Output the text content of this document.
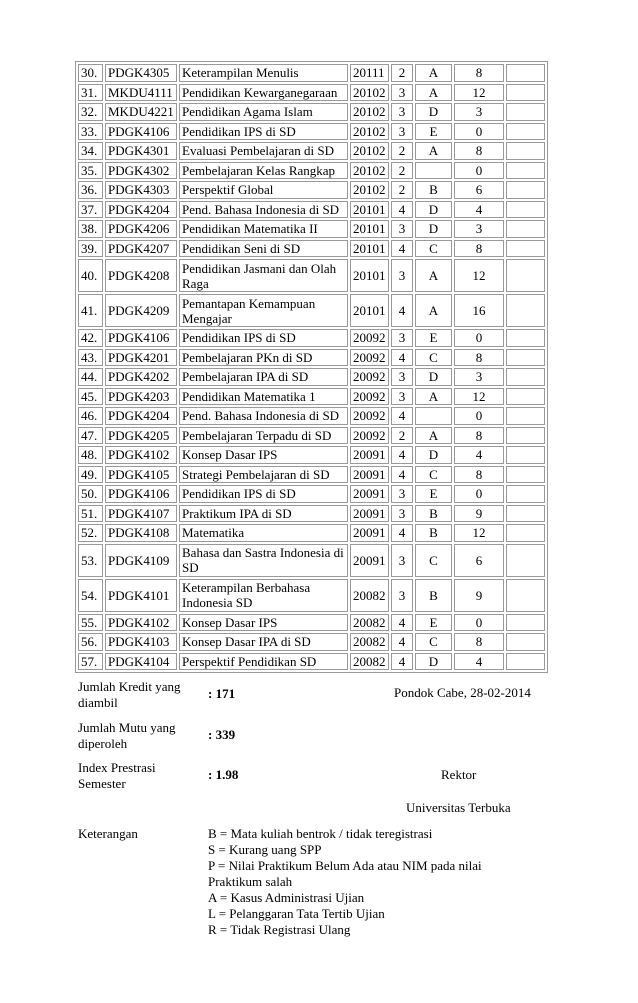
30.	PDGK4305	Keterampilan Menulis	20111	2	A	8	
31.	MKDU4111	Pendidikan Kewarganegaraan	20102	3	A	12	
32.	MKDU4221	Pendidikan Agama Islam	20102	3	D	3	
33.	PDGK4106	Pendidikan IPS di SD	20102	3	E	0	
34.	PDGK4301	Evaluasi Pembelajaran di SD	20102	2	A	8	
35.	PDGK4302	Pembelajaran Kelas Rangkap	20102	2		0	
36.	PDGK4303	Perspektif Global	20102	2	B	6	
37.	PDGK4204	Pend. Bahasa Indonesia di SD	20101	4	D	4	
38.	PDGK4206	Pendidikan Matematika II	20101	3	D	3	
39.	PDGK4207	Pendidikan Seni di SD	20101	4	C	8	
40.	PDGK4208	Pendidikan Jasmani dan Olah Raga	20101	3	A	12	
41.	PDGK4209	Pemantapan Kemampuan Mengajar	20101	4	A	16	
42.	PDGK4106	Pendidikan IPS di SD	20092	3	E	0	
43.	PDGK4201	Pembelajaran PKn di SD	20092	4	C	8	
44.	PDGK4202	Pembelajaran IPA di SD	20092	3	D	3	
45.	PDGK4203	Pendidikan Matematika 1	20092	3	A	12	
46.	PDGK4204	Pend. Bahasa Indonesia di SD	20092	4		0	
47.	PDGK4205	Pembelajaran Terpadu di SD	20092	2	A	8	
48.	PDGK4102	Konsep Dasar IPS	20091	4	D	4	
49.	PDGK4105	Strategi Pembelajaran di SD	20091	4	C	8	
50.	PDGK4106	Pendidikan IPS di SD	20091	3	E	0	
51.	PDGK4107	Praktikum IPA di SD	20091	3	B	9	
52.	PDGK4108	Matematika	20091	4	B	12	
53.	PDGK4109	Bahasa dan Sastra Indonesia di SD	20091	3	C	6	
54.	PDGK4101	Keterampilan Berbahasa Indonesia SD	20082	3	B	9	
55.	PDGK4102	Konsep Dasar IPS	20082	4	E	0	
56.	PDGK4103	Konsep Dasar IPA di SD	20082	4	C	8	
57.	PDGK4104	Perspektif Pendidikan SD	20082	4	D	4	
Jumlah Kredit yang diambil
: 171
Jumlah Mutu yang diperoleh
: 339
Index Prestrasi Semester
: 1.98
Pondok Cabe, 28-02-2014
Rektor
Universitas Terbuka
Keterangan	B = Mata kuliah bentrok / tidak teregistrasi
S = Kurang uang SPP
P = Nilai Praktikum Belum Ada atau NIM pada nilai Praktikum salah
A = Kasus Administrasi Ujian
L = Pelanggaran Tata Tertib Ujian
R = Tidak Registrasi Ulang
